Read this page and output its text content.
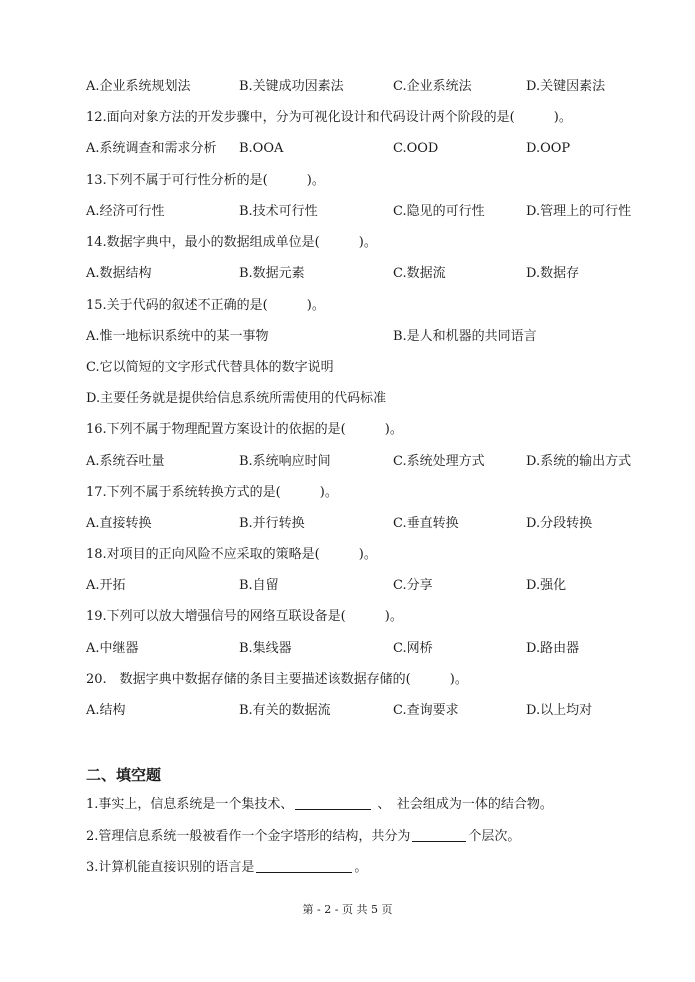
A.企业系统规划法	B.关键成功因素法	C.企业系统法	D.关键因素法
12.面向对象方法的开发步骤中，分为可视化设计和代码设计两个阶段的是(　　　)。
A.系统调查和需求分析 B.OOA	C.OOD	D.OOP
13.下列不属于可行性分析的是(　　　)。
A.经济可行性	B.技术可行性	C.隐见的可行性	D.管理上的可行性
14.数据字典中，最小的数据组成单位是(　　　)。
A.数据结构	B.数据元素	C.数据流	D.数据存
15.关于代码的叙述不正确的是(　　　)。
A.惟一地标识系统中的某一事物	B.是人和机器的共同语言
C.它以简短的文字形式代替具体的数字说明
D.主要任务就是提供给信息系统所需使用的代码标准
16.下列不属于物理配置方案设计的依据的是(　　　)。
A.系统吞吐量	B.系统响应时间	C.系统处理方式	D.系统的输出方式
17.下列不属于系统转换方式的是(　　　)。
A.直接转换	B.并行转换	C.垂直转换	D.分段转换
18.对项目的正向风险不应采取的策略是(　　　)。
A.开拓	B.自留	C.分享	D.强化
19.下列可以放大增强信号的网络互联设备是(　　　)。
A.中继器	B.集线器	C.网桥	D.路由器
20.　数据字典中数据存储的条目主要描述该数据存储的(　　　)。
A.结构	B.有关的数据流	C.查询要求	D.以上均对
二、填空题
1.事实上，信息系统是一个集技术、	、　社会组成为一体的结合物。
2.管理信息系统一般被看作一个金字塔形的结构，共分为	个层次。
3.计算机能直接识别的语言是	。
第 - 2 - 页 共 5 页
